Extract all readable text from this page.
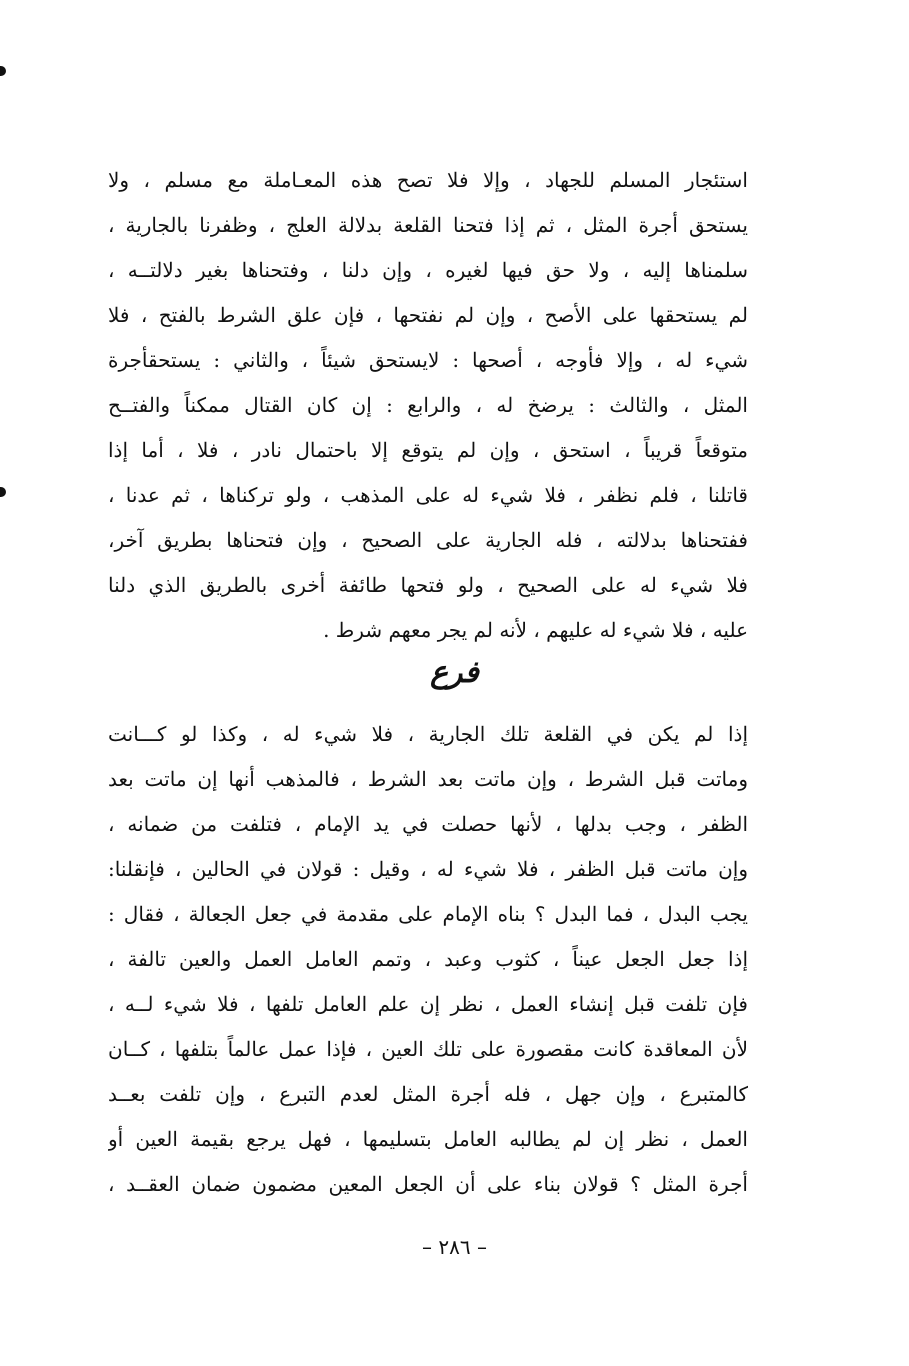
استئجار المسلم للجهاد ، وإلا فلا تصح هذه المعـاملة مع مسلم ، ولا
يستحق أجرة المثل ، ثم إذا فتحنا القلعة بدلالة العلج ، وظفرنا بالجارية ،
سلمناها إليه ، ولا حق فيها لغيره ، وإن دلنا ، وفتحناها بغير دلالتــه ،
لم يستحقها على الأصح ، وإن لم نفتحها ، فإن علق الشرط بالفتح ، فلا
شيء له ، وإلا فأوجه ، أصحها : لايستحق شيئاً ، والثاني : يستحقأجرة
المثل ، والثالث : يرضخ له ، والرابع : إن كان القتال ممكناً والفتــح
متوقعاً قريباً ، استحق ، وإن لم يتوقع إلا باحتمال نادر ، فلا ، أما إذا
قاتلنا ، فلم نظفر ، فلا شيء له على المذهب ، ولو تركناها ، ثم عدنا ،
ففتحناها بدلالته ، فله الجارية على الصحيح ، وإن فتحناها بطريق آخر،
فلا شيء له على الصحيح ، ولو فتحها طائفة أخرى بالطريق الذي دلنا
عليه ، فلا شيء له عليهم ، لأنه لم يجر معهم شرط .
فرع
إذا لم يكن في القلعة تلك الجارية ، فلا شيء له ، وكذا لو كـــانت
وماتت قبل الشرط ، وإن ماتت بعد الشرط ، فالمذهب أنها إن ماتت بعد
الظفر ، وجب بدلها ، لأنها حصلت في يد الإمام ، فتلفت من ضمانه ،
وإن ماتت قبل الظفر ، فلا شيء له ، وقيل : قولان في الحالين ، فإنقلنا:
يجب البدل ، فما البدل ؟ بناه الإمام على مقدمة في جعل الجعالة ، فقال :
إذا جعل الجعل عيناً ، كثوب وعبد ، وتمم العامل العمل والعين تالفة ،
فإن تلفت قبل إنشاء العمل ، نظر إن علم العامل تلفها ، فلا شيء لــه ،
لأن المعاقدة كانت مقصورة على تلك العين ، فإذا عمل عالماً بتلفها ، كــان
كالمتبرع ، وإن جهل ، فله أجرة المثل لعدم التبرع ، وإن تلفت بعــد
العمل ، نظر إن لم يطالبه العامل بتسليمها ، فهل يرجع بقيمة العين أو
أجرة المثل ؟ قولان بناء على أن الجعل المعين مضمون ضمان العقــد ،
– ٢٨٦ –
